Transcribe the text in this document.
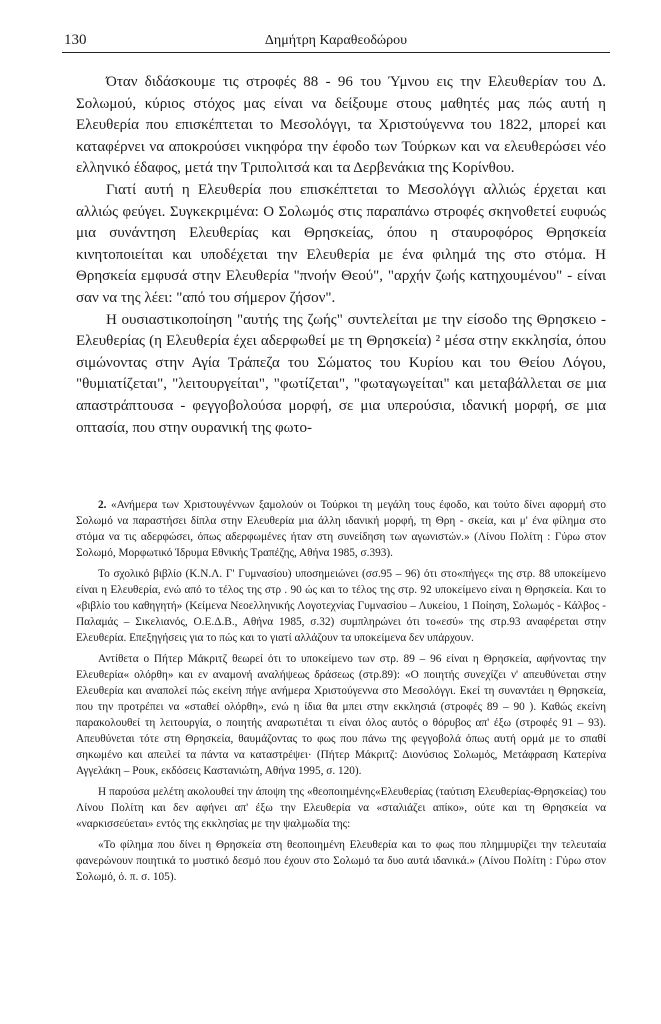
130	Δημήτρη Καραθεοδώρου

Όταν διδάσκουμε τις στροφές 88 - 96 του Ύμνου εις την Ελευθερίαν του Δ. Σολωμού, κύριος στόχος μας είναι να δείξουμε στους μαθητές μας πώς αυτή η Ελευθερία που επισκέπτεται το Μεσολόγγι, τα Χριστούγεννα του 1822, μπορεί και καταφέρνει να αποκρούσει νικηφόρα την έφοδο των Τούρκων και να ελευθερώσει νέο ελληνικό έδαφος, μετά την Τριπολιτσά και τα Δερβενάκια της Κορίνθου.

Γιατί αυτή η Ελευθερία που επισκέπτεται το Μεσολόγγι αλλιώς έρχεται και αλλιώς φεύγει. Συγκεκριμένα: Ο Σολωμός στις παραπάνω στροφές σκηνοθετεί ευφυώς μια συνάντηση Ελευθερίας και Θρησκείας, όπου η σταυροφόρος Θρησκεία κινητοποιείται και υποδέχεται την Ελευθερία με ένα φιλημά της στο στόμα. Η Θρησκεία εμφυσά στην Ελευθερία "πνοήν Θεού", "αρχήν ζωής κατηχουμένου" - είναι σαν να της λέει: "από του σήμερον ζήσον".

Η ουσιαστικοποίηση "αυτής της ζωής" συντελείται με την είσοδο της Θρησκειο - Ελευθερίας (η Ελευθερία έχει αδερφωθεί με τη Θρησκεία) ² μέσα στην εκκλησία, όπου σιμώνοντας στην Αγία Τράπεζα του Σώματος του Κυρίου και του Θείου Λόγου, "θυμιατίζεται", "λειτουργείται", "φωτίζεται", "φωταγωγείται" και μεταβάλλεται σε μια απαστράπτουσα - φεγγοβολούσα μορφή, σε μια υπερούσια, ιδανική μορφή, σε μια οπτασία, που στην ουρανική της φωτο-

2. «Ανήμερα των Χριστουγέννων ξαμολούν οι Τούρκοι τη μεγάλη τους έφοδο, και τούτο δίνει αφορμή στο Σολωμό να παραστήσει δίπλα στην Ελευθερία μια άλλη ιδανική μορφή, τη Θρη - σκεία, και μ' ένα φίλημα στο στόμα να τις αδερφώσει, όπως αδερφωμένες ήταν στη συνείδηση των αγωνιστών.» (Λίνου Πολίτη : Γύρω στον Σολωμό, Μορφωτικό Ίδρυμα Εθνικής Τραπέζης, Αθήνα 1985, σ.393).

Το σχολικό βιβλίο (Κ.Ν.Λ. Γ' Γυμνασίου) υποσημειώνει (σσ.95 – 96) ότι στο«πήγες« της στρ. 88 υποκείμενο είναι η Ελευθερία, ενώ από το τέλος της στρ . 90 ώς και το τέλος της στρ. 92 υποκείμενο είναι η Θρησκεία. Και το «βιβλίο του καθηγητή» (Κείμενα Νεοελληνικής Λογοτεχνίας Γυμνασίου – Λυκείου, 1 Ποίηση, Σολωμός - Κάλβος - Παλαμάς – Σικελιανός, Ο.Ε.Δ.Β., Αθήνα 1985, σ.32) συμπληρώνει ότι το«εσύ» της στρ.93 αναφέρεται στην Ελευθερία. Επεξηγήσεις για το πώς και το γιατί αλλάζουν τα υποκείμενα δεν υπάρχουν.

Αντίθετα ο Πήτερ Μάκριτζ θεωρεί ότι το υποκείμενο των στρ. 89 – 96 είναι η Θρησκεία, αφήνοντας την Ελευθερία« ολόρθη» και εν αναμονή αναλήψεως δράσεως (στρ.89): «Ο ποιητής συνεχίζει ν' απευθύνεται στην Ελευθερία και αναπολεί πώς εκείνη πήγε ανήμερα Χριστούγεννα στο Μεσολόγγι. Εκεί τη συναντάει η Θρησκεία, που την προτρέπει να «σταθεί ολόρθη», ενώ η ίδια θα μπει στην εκκλησιά (στροφές 89 – 90 ). Καθώς εκείνη παρακολουθεί τη λειτουργία, ο ποιητής αναρωτιέται τι είναι όλος αυτός ο θόρυβος απ' έξω (στροφές 91 – 93). Απευθύνεται τότε στη Θρησκεία, θαυμάζοντας το φως που πάνω της φεγγοβολά όπως αυτή ορμά με το σπαθί σηκωμένο και απειλεί τα πάντα να καταστρέψει· (Πήτερ Μάκριτζ: Διονύσιος Σολωμός, Μετάφραση Κατερίνα Αγγελάκη – Ρουκ, εκδόσεις Καστανιώτη, Αθήνα 1995, σ. 120).

Η παρούσα μελέτη ακολουθεί την άποψη της «θεοποιημένης«Ελευθερίας (ταύτιση Ελευθερίας-Θρησκείας) του Λίνου Πολίτη και δεν αφήνει απ' έξω την Ελευθερία να «σταλιάζει απίκο», ούτε και τη Θρησκεία να «ναρκισσεύεται» εντός της εκκλησίας με την ψαλμωδία της:

«Το φίλημα που δίνει η Θρησκεία στη θεοποιημένη Ελευθερία και το φως που πλημμυρίζει την τελευταία φανερώνουν ποιητικά το μυστικό δεσμό που έχουν στο Σολωμό τα δυο αυτά ιδανικά.» (Λίνου Πολίτη : Γύρω στον Σολωμό, ό. π. σ. 105).
